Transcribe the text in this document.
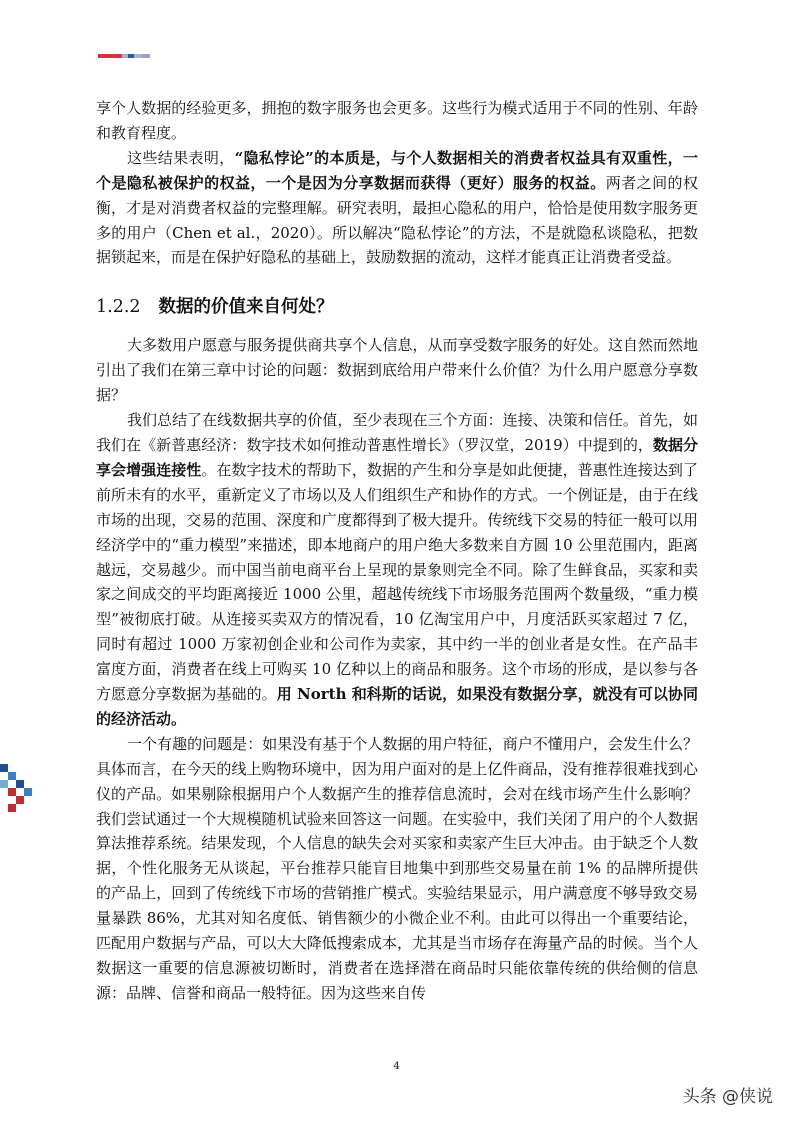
享个人数据的经验更多，拥抱的数字服务也会更多。这些行为模式适用于不同的性别、年龄和教育程度。

这些结果表明，“隐私悖论”的本质是，与个人数据相关的消费者权益具有双重性，一个是隐私被保护的权益，一个是因为分享数据而获得（更好）服务的权益。两者之间的权衡，才是对消费者权益的完整理解。研究表明，最担心隐私的用户，恰恰是使用数字服务更多的用户（Chen et al.，2020）。所以解决“隐私悖论”的方法，不是就隐私谈隐私，把数据锁起来，而是在保护好隐私的基础上，鼓励数据的流动，这样才能真正让消费者受益。

1.2.2 数据的价值来自何处？

大多数用户愿意与服务提供商共享个人信息，从而享受数字服务的好处。这自然而然地引出了我们在第三章中讨论的问题：数据到底给用户带来什么价值？为什么用户愿意分享数据？

我们总结了在线数据共享的价值，至少表现在三个方面：连接、决策和信任。首先，如我们在《新普惠经济：数字技术如何推动普惠性增长》（罗汉堂，2019）中提到的，数据分享会增强连接性。在数字技术的帮助下，数据的产生和分享是如此便捷，普惠性连接达到了前所未有的水平，重新定义了市场以及人们组织生产和协作的方式。一个例证是，由于在线市场的出现，交易的范围、深度和广度都得到了极大提升。传统线下交易的特征一般可以用经济学中的“重力模型”来描述，即本地商户的用户绝大多数来自方圆 10 公里范围内，距离越远，交易越少。而中国当前电商平台上呈现的景象则完全不同。除了生鲜食品，买家和卖家之间成交的平均距离接近 1000 公里，超越传统线下市场服务范围两个数量级，“重力模型”被彻底打破。从连接买卖双方的情况看，10 亿淘宝用户中，月度活跃买家超过 7 亿，同时有超过 1000 万家初创企业和公司作为卖家，其中约一半的创业者是女性。在产品丰富度方面，消费者在线上可购买 10 亿种以上的商品和服务。这个市场的形成，是以参与各方愿意分享数据为基础的。用 North 和科斯的话说，如果没有数据分享，就没有可以协同的经济活动。

一个有趣的问题是：如果没有基于个人数据的用户特征，商户不懂用户，会发生什么？具体而言，在今天的线上购物环境中，因为用户面对的是上亿件商品，没有推荐很难找到心仪的产品。如果剔除根据用户个人数据产生的推荐信息流时，会对在线市场产生什么影响？我们尝试通过一个大规模随机试验来回答这一问题。在实验中，我们关闭了用户的个人数据算法推荐系统。结果发现，个人信息的缺失会对买家和卖家产生巨大冲击。由于缺乏个人数据，个性化服务无从谈起，平台推荐只能盲目地集中到那些交易量在前 1% 的品牌所提供的产品上，回到了传统线下市场的营销推广模式。实验结果显示，用户满意度不够导致交易量暴跌 86%，尤其对知名度低、销售额少的小微企业不利。由此可以得出一个重要结论，匹配用户数据与产品，可以大大降低搜索成本，尤其是当市场存在海量产品的时候。当个人数据这一重要的信息源被切断时，消费者在选择潜在商品时只能依靠传统的供给侧的信息源：品牌、信誉和商品一般特征。因为这些来自传

4
头条 @侠说
